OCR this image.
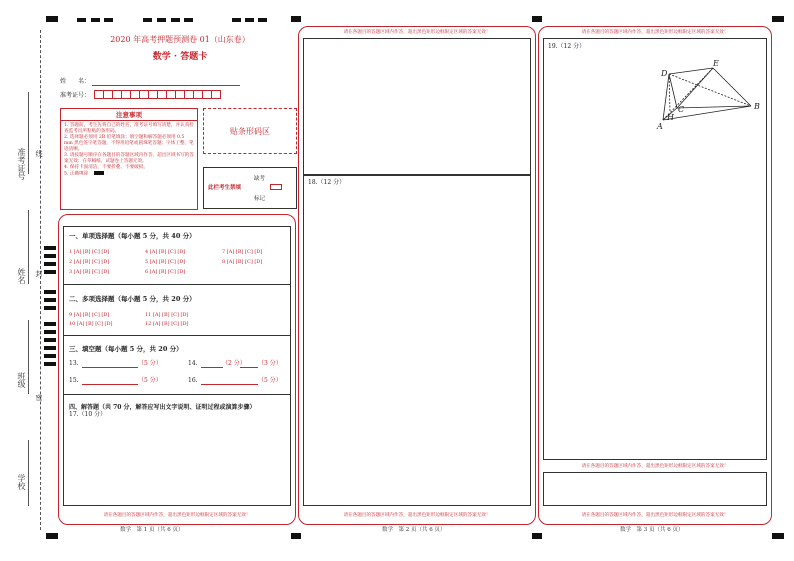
准考证号 线
姓名 封
班级
密
学校
2020 年高考押题预测卷 01（山东卷）
数学 · 答题卡
姓　　名：
准考证号：
注意事项
1. 答题前，考生先将自己的姓名，准考证号填写清楚，并认真检查监考员所粘贴的条形码。
2. 选择题必须用 2B 铅笔填涂；填空题和解答题必须用 0.5 mm 黑色签字笔答题，不得用铅笔或圆珠笔答题；字体工整、笔迹清晰。
3. 请按题号顺序在各题目的答题区域内作答，超出区域书写的答案无效；在草稿纸、试题卷上答题无效。
4. 保持卡面清洁，不要折叠、不要破损。
5. 正确填涂
贴条形码区
缺考
此栏考生禁填
标记
一、单项选择题（每小题 5 分，共 40 分）
1 [A] [B] [C] [D]	4 [A] [B] [C] [D]	7 [A] [B] [C] [D]
2 [A] [B] [C] [D]	5 [A] [B] [C] [D]	8 [A] [B] [C] [D]
3 [A] [B] [C] [D]	6 [A] [B] [C] [D]
二、多项选择题（每小题 5 分，共 20 分）
9 [A] [B] [C] [D]	11 [A] [B] [C] [D]
10 [A] [B] [C] [D]	12 [A] [B] [C] [D]
三、填空题（每小题 5 分，共 20 分）
13.	（5 分）	14.	（2 分） （3 分）
15.	（5 分）	16.	（5 分）
四、解答题（共 70 分，解答应写出文字说明、证明过程或演算步骤）
17.（10 分）
请在各题目的答题区域内作答，超出黑色矩形边框限定区域的答案无效！
数学　第 1 页（共 6 页）
请在各题目的答题区域内作答，超出黑色矩形边框限定区域的答案无效！
18.（12 分）
请在各题目的答题区域内作答，超出黑色矩形边框限定区域的答案无效！
数学　第 2 页（共 6 页）
请在各题目的答题区域内作答，超出黑色矩形边框限定区域的答案无效！
19.（12 分）
D
E
B
C
H
A
请在各题目的答题区域内作答，超出黑色矩形边框限定区域的答案无效！
请在各题目的答题区域内作答，超出黑色矩形边框限定区域的答案无效！
数学　第 3 页（共 6 页）
